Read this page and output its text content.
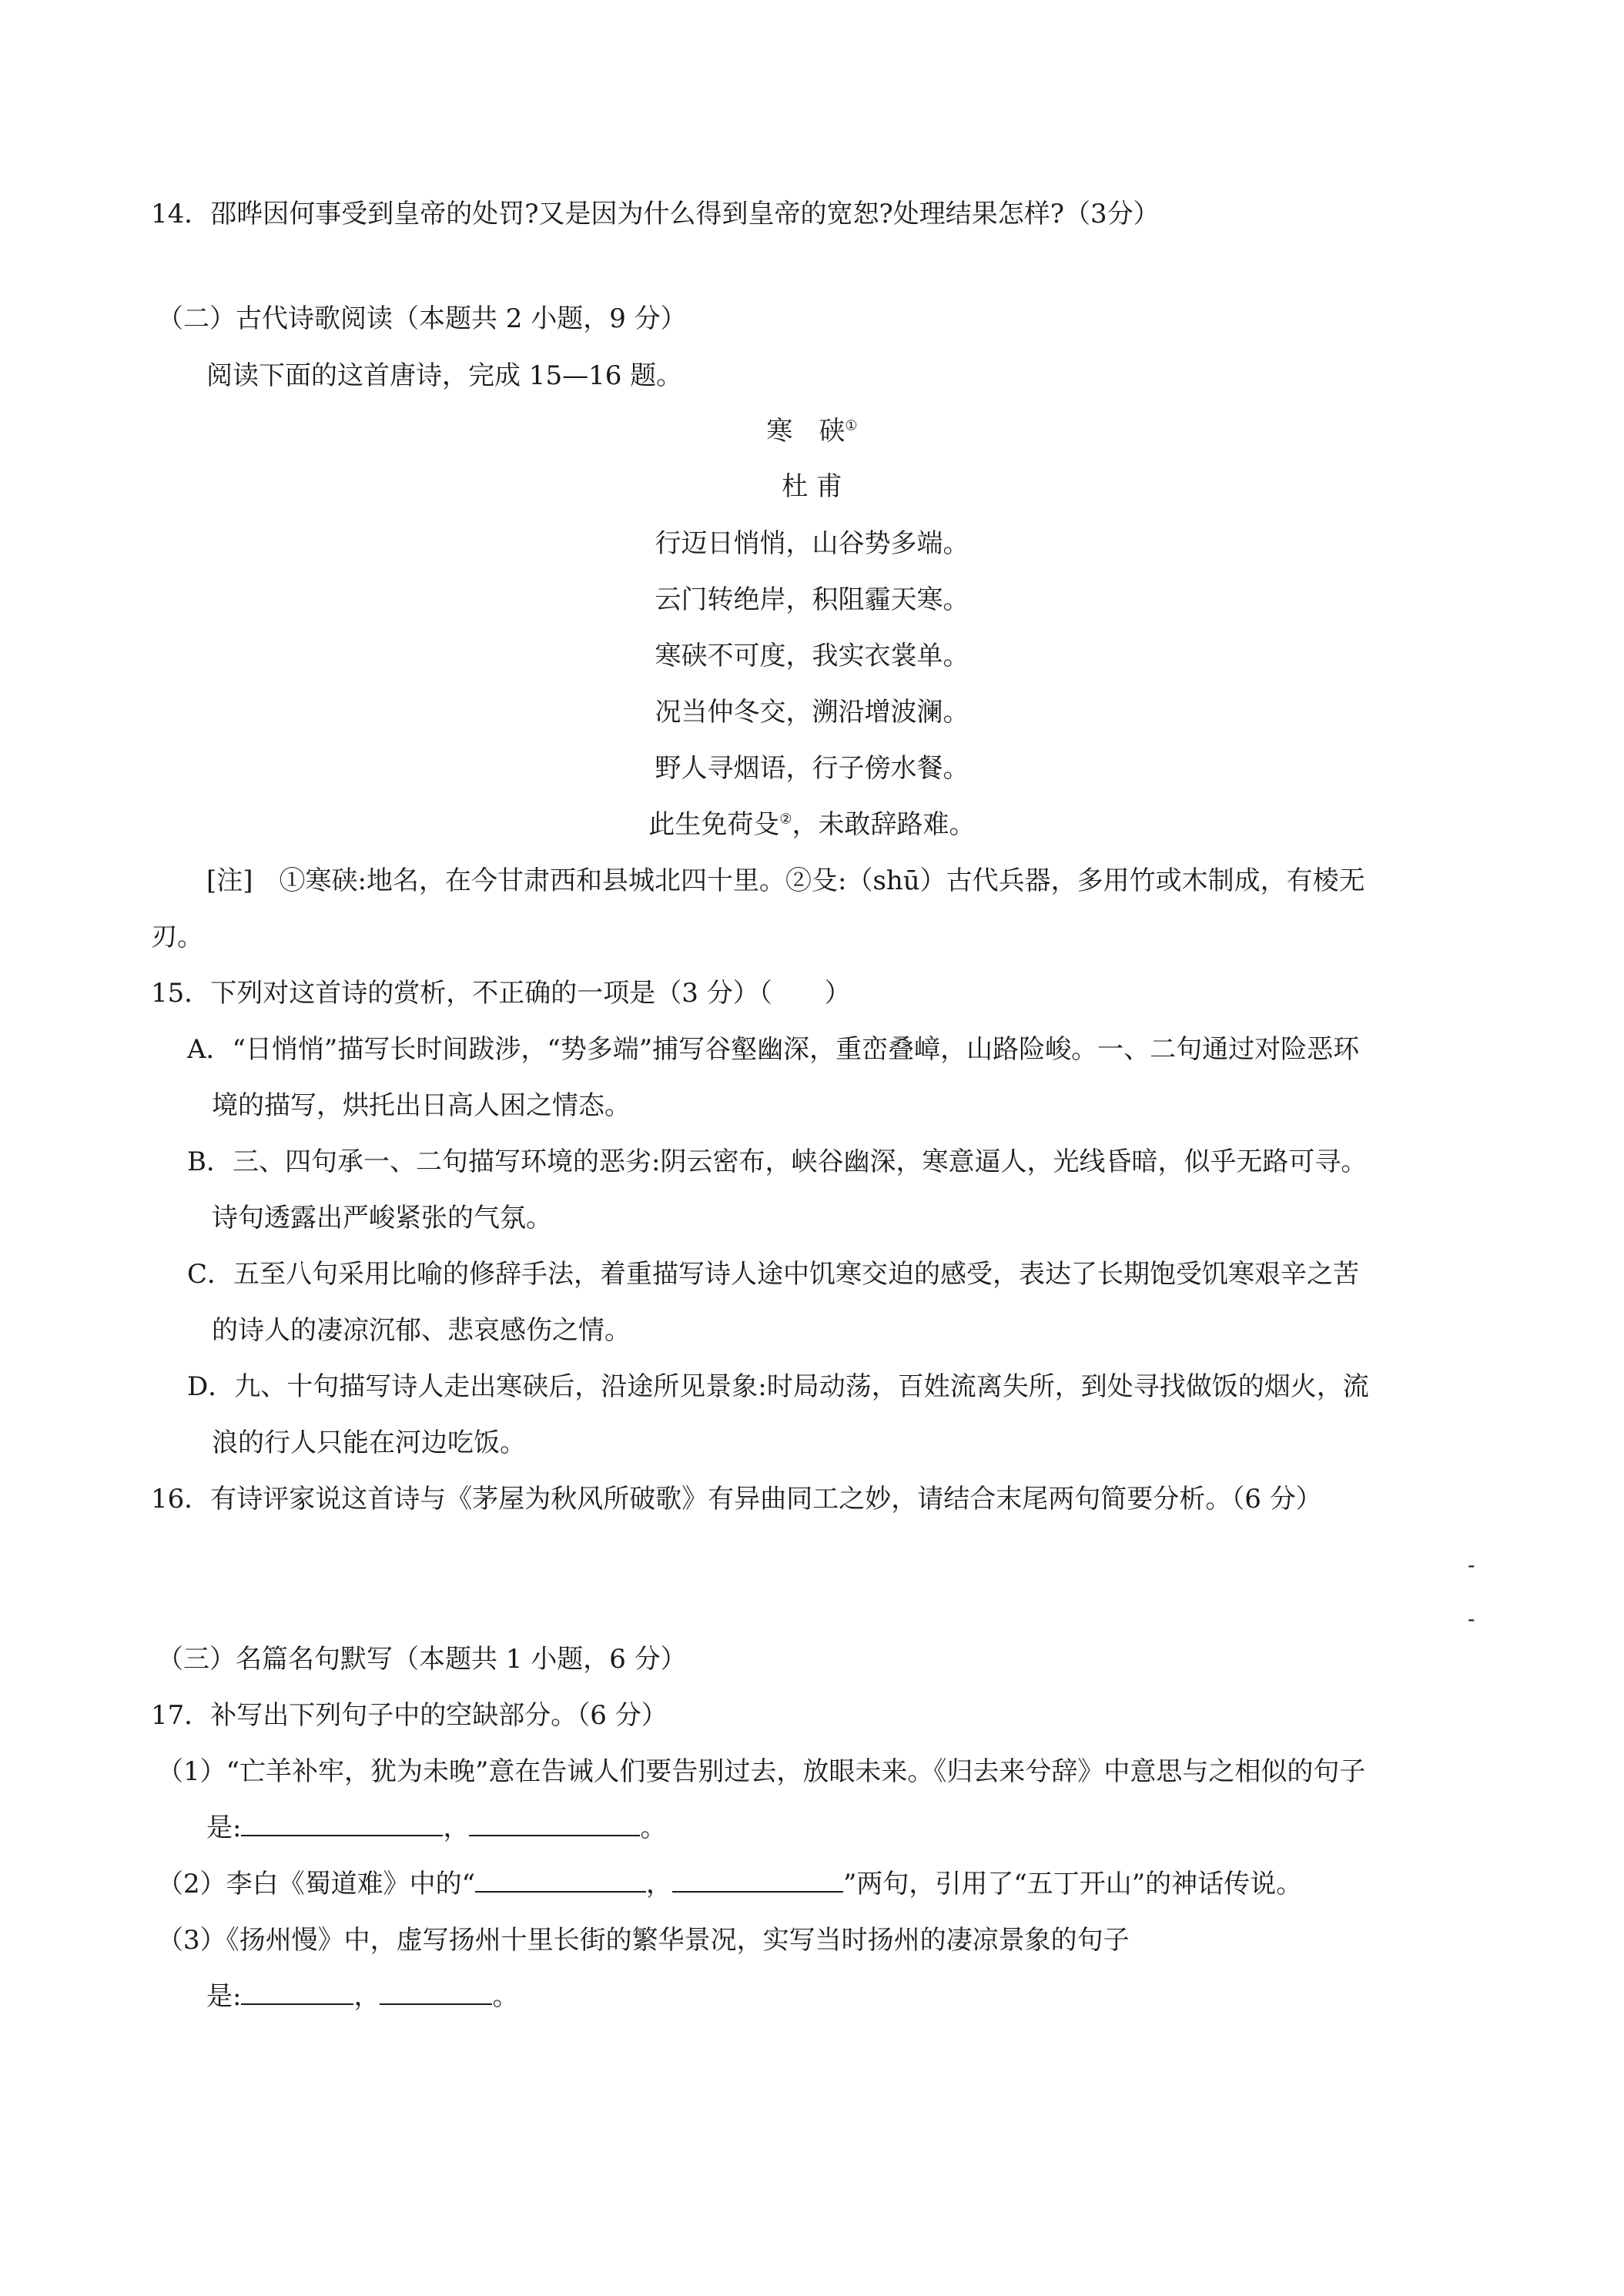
14．邵晔因何事受到皇帝的处罚?又是因为什么得到皇帝的宽恕?处理结果怎样?（3分）

（二）古代诗歌阅读（本题共 2 小题，9 分）

阅读下面的这首唐诗，完成 15—16 题。

寒　硖①

杜 甫

行迈日悄悄，山谷势多端。

云门转绝岸，积阻霾天寒。

寒硖不可度，我实衣裳单。

况当仲冬交，溯沿增波澜。

野人寻烟语，行子傍水餐。

此生免荷殳②，未敢辞路难。

[注]　①寒硖:地名，在今甘肃西和县城北四十里。②殳:（shū）古代兵器，多用竹或木制成，有棱无

刃。

15．下列对这首诗的赏析，不正确的一项是（3 分）（　　）

A．“日悄悄”描写长时间跋涉，“势多端”捕写谷壑幽深，重峦叠嶂，山路险峻。一、二句通过对险恶环

境的描写，烘托出日高人困之情态。

B．三、四句承一、二句描写环境的恶劣:阴云密布，峡谷幽深，寒意逼人，光线昏暗，似乎无路可寻。

诗句透露出严峻紧张的气氛。

C．五至八句采用比喻的修辞手法，着重描写诗人途中饥寒交迫的感受，表达了长期饱受饥寒艰辛之苦

的诗人的凄凉沉郁、悲哀感伤之情。

D．九、十句描写诗人走出寒硖后，沿途所见景象:时局动荡，百姓流离失所，到处寻找做饭的烟火，流

浪的行人只能在河边吃饭。

16．有诗评家说这首诗与《茅屋为秋风所破歌》有异曲同工之妙，请结合末尾两句简要分析。（6 分）

-
-

（三）名篇名句默写（本题共 1 小题，6 分）

17．补写出下列句子中的空缺部分。（6 分）

（1）“亡羊补牢，犹为未晚”意在告诫人们要告别过去，放眼未来。《归去来兮辞》中意思与之相似的句子

是:	，	。

（2）李白《蜀道难》中的“	，	”两句，引用了“五丁开山”的神话传说。

（3）《扬州慢》中，虚写扬州十里长街的繁华景况，实写当时扬州的凄凉景象的句子

是:	，	。
